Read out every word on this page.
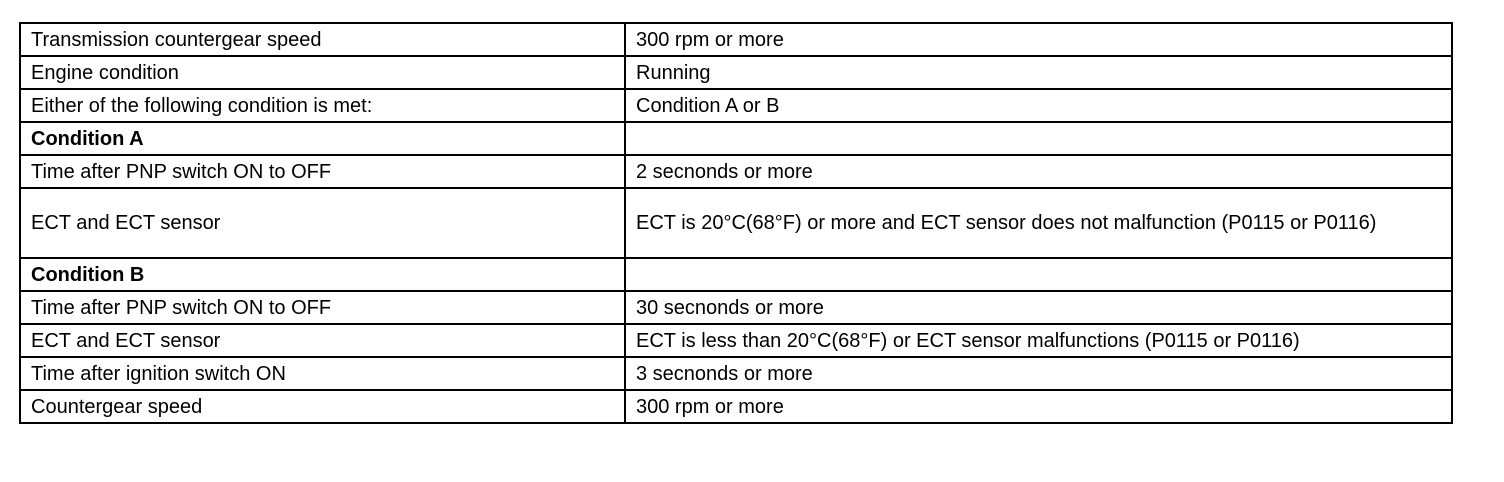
Transmission countergear speed	300 rpm or more
Engine condition	Running
Either of the following condition is met:	Condition A or B
Condition A	
Time after PNP switch ON to OFF	2 secnonds or more
ECT and ECT sensor	ECT is 20°C(68°F) or more and ECT sensor does not malfunction (P0115 or P0116)
Condition B	
Time after PNP switch ON to OFF	30 secnonds or more
ECT and ECT sensor	ECT is less than 20°C(68°F) or ECT sensor malfunctions (P0115 or P0116)
Time after ignition switch ON	3 secnonds or more
Countergear speed	300 rpm or more
